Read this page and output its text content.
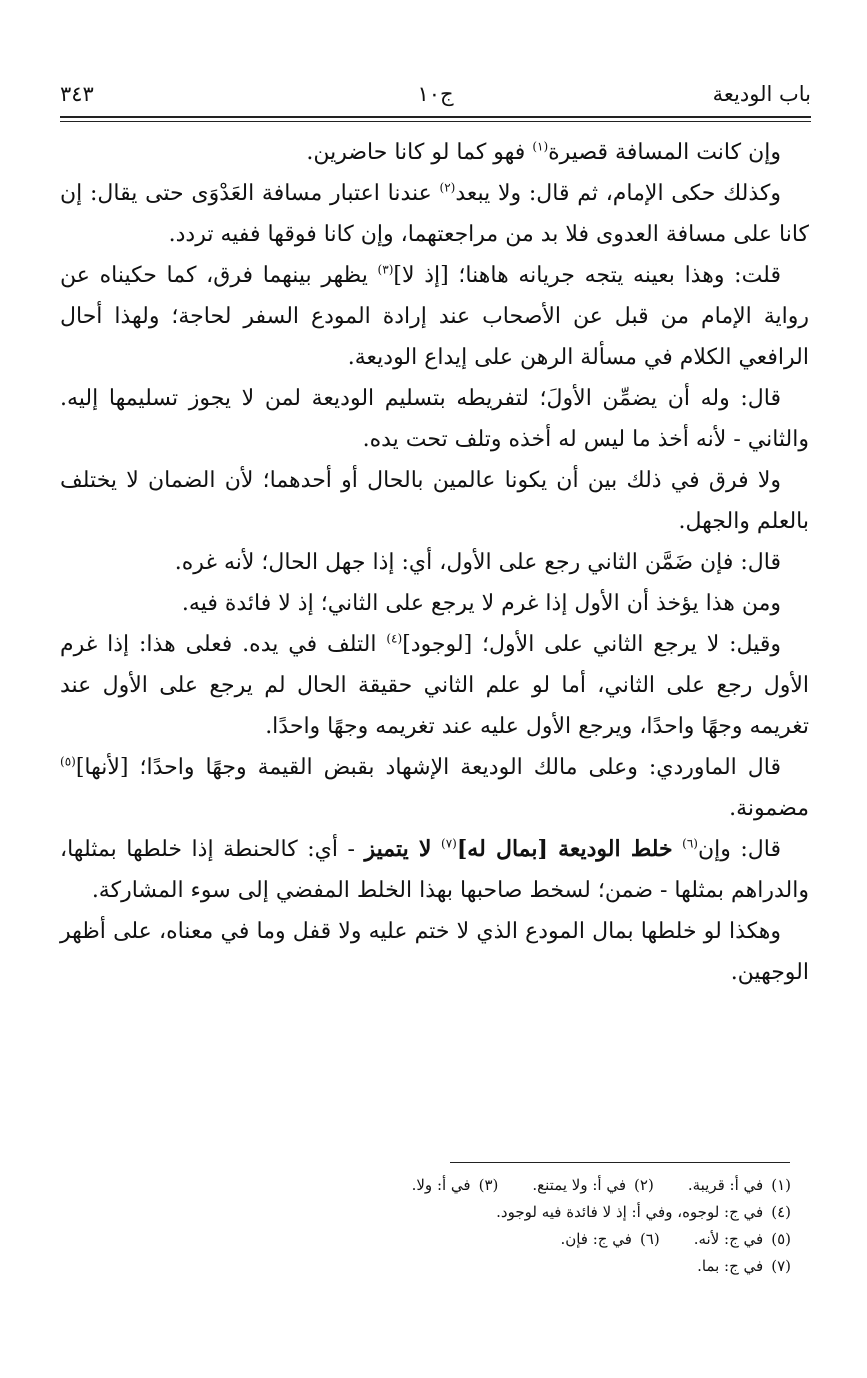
باب الوديعة
ج١٠
٣٤٣

وإن كانت المسافة قصيرة$^{(١)}$ فهو كما لو كانا حاضرين.

وكذلك حكى الإمام، ثم قال: ولا يبعد$^{(٢)}$ عندنا اعتبار مسافة العَدْوَى حتى يقال: إن كانا على مسافة العدوى فلا بد من مراجعتهما، وإن كانا فوقها ففيه تردد.

قلت: وهذا بعينه يتجه جريانه هاهنا؛ [إذ لا]$^{(٣)}$ يظهر بينهما فرق، كما حكيناه عن رواية الإمام من قبل عن الأصحاب عند إرادة المودع السفر لحاجة؛ ولهذا أحال الرافعي الكلام في مسألة الرهن على إيداع الوديعة.

قال: وله أن يضمِّن الأولَ؛ لتفريطه بتسليم الوديعة لمن لا يجوز تسليمها إليه. والثاني - لأنه أخذ ما ليس له أخذه وتلف تحت يده.

ولا فرق في ذلك بين أن يكونا عالمين بالحال أو أحدهما؛ لأن الضمان لا يختلف بالعلم والجهل.

قال: فإن ضَمَّن الثاني رجع على الأول، أي: إذا جهل الحال؛ لأنه غره.

ومن هذا يؤخذ أن الأول إذا غرم لا يرجع على الثاني؛ إذ لا فائدة فيه.

وقيل: لا يرجع الثاني على الأول؛ [لوجود]$^{(٤)}$ التلف في يده. فعلى هذا: إذا غرم الأول رجع على الثاني، أما لو علم الثاني حقيقة الحال لم يرجع على الأول عند تغريمه وجهًا واحدًا، ويرجع الأول عليه عند تغريمه وجهًا واحدًا.

قال الماوردي: وعلى مالك الوديعة الإشهاد بقبض القيمة وجهًا واحدًا؛ [لأنها]$^{(٥)}$ مضمونة.

قال: وإن$^{(٦)}$ خلط الوديعة [بمال له]$^{(٧)}$ لا يتميز - أي: كالحنطة إذا خلطها بمثلها، والدراهم بمثلها - ضمن؛ لسخط صاحبها بهذا الخلط المفضي إلى سوء المشاركة.

وهكذا لو خلطها بمال المودع الذي لا ختم عليه ولا قفل وما في معناه، على أظهر الوجهين.

(١)في أ: قريبة.(٢)في أ: ولا يمتنع.(٣)في أ: ولا.
(٤)في ج: لوجوه، وفي أ: إذ لا فائدة فيه لوجود.
(٥)في ج: لأنه.(٦)في ج: فإن.
(٧)في ج: بما.
